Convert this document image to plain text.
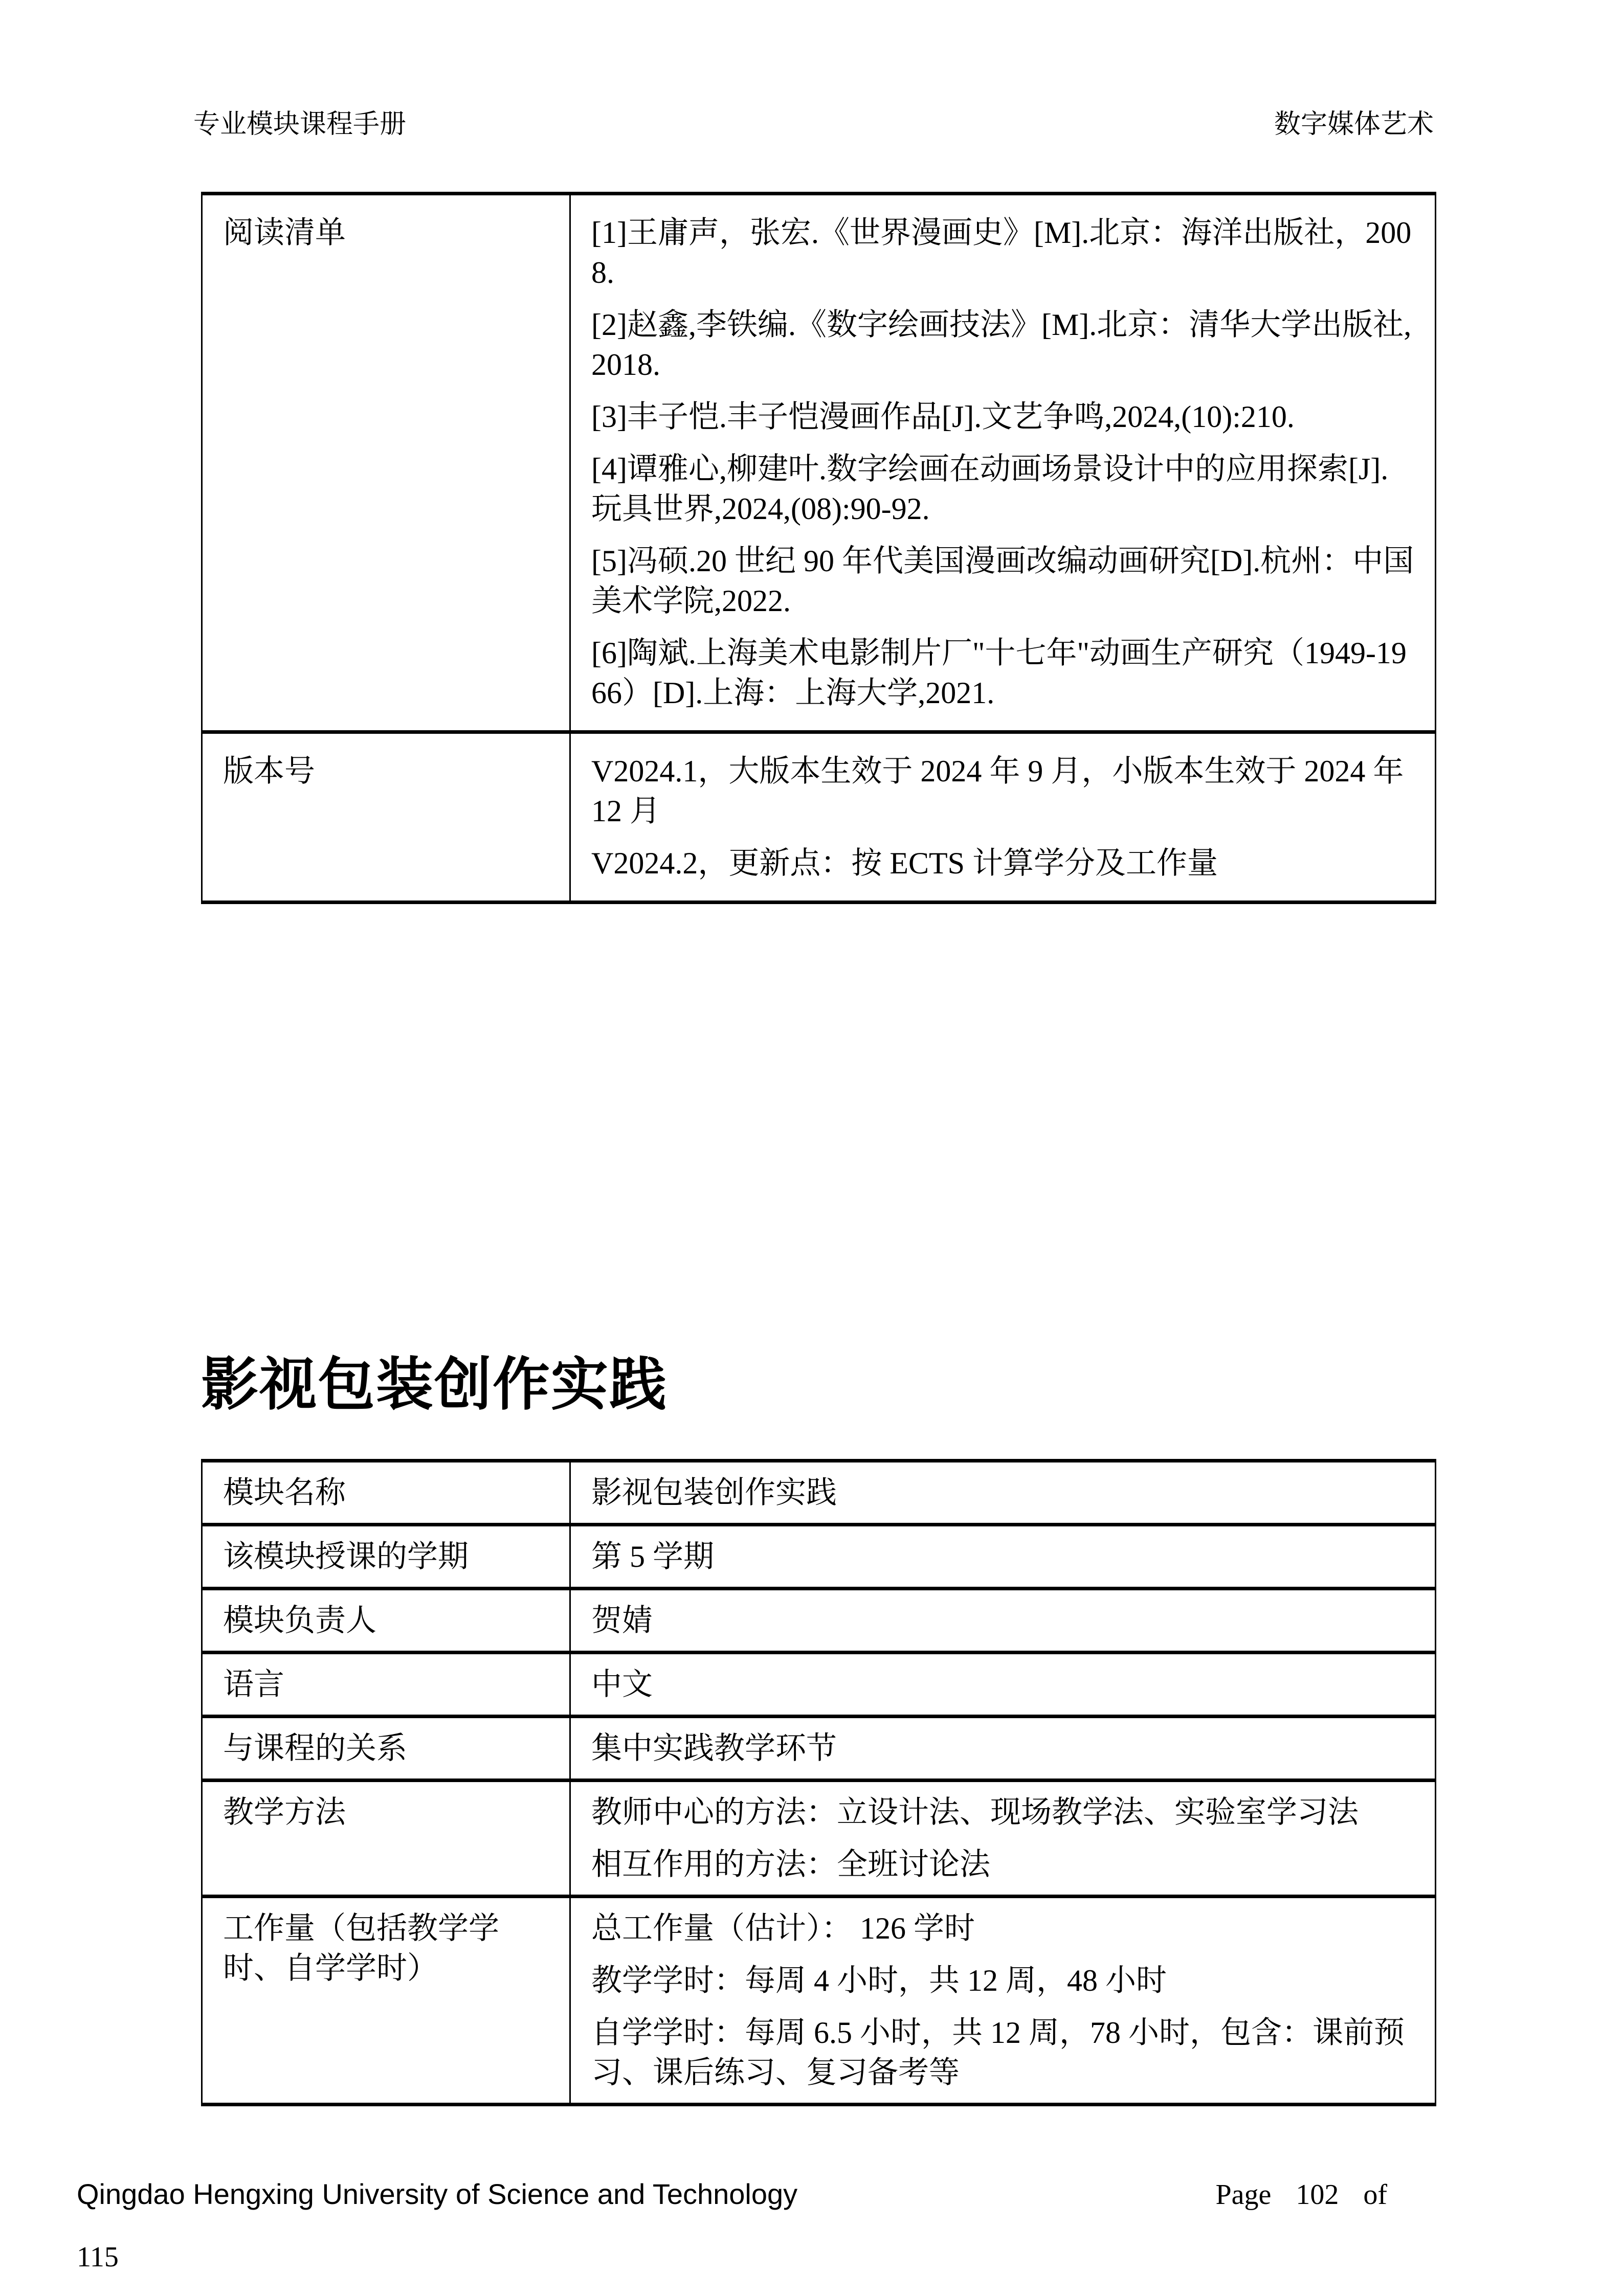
专业模块课程手册	数字媒体艺术

阅读清单	[1]王庸声，张宏.《世界漫画史》[M].北京：海洋出版社，2008.

[2]赵鑫,李铁编.《数字绘画技法》[M].北京：清华大学出版社, 2018.

[3]丰子恺.丰子恺漫画作品[J].文艺争鸣,2024,(10):210.

[4]谭雅心,柳建叶.数字绘画在动画场景设计中的应用探索[J].玩具世界,2024,(08):90-92.

[5]冯硕.20 世纪 90 年代美国漫画改编动画研究[D].杭州：中国美术学院,2022.

[6]陶斌.上海美术电影制片厂"十七年"动画生产研究（1949-1966）[D].上海：上海大学,2021.

版本号	V2024.1，大版本生效于 2024 年 9 月，小版本生效于 2024 年 12 月

V2024.2，更新点：按 ECTS 计算学分及工作量

影视包装创作实践

模块名称	影视包装创作实践

该模块授课的学期	第 5 学期

模块负责人	贺婧

语言	中文

与课程的关系	集中实践教学环节

教学方法	教师中心的方法：立设计法、现场教学法、实验室学习法

相互作用的方法：全班讨论法

工作量（包括教学学时、自学学时）	总工作量（估计）： 126 学时

教学学时：每周 4 小时，共 12 周，48 小时

自学学时：每周 6.5 小时，共 12 周，78 小时，包含：课前预习、课后练习、复习备考等

Qingdao Hengxing University of Science and Technology	Page 102 of
115
